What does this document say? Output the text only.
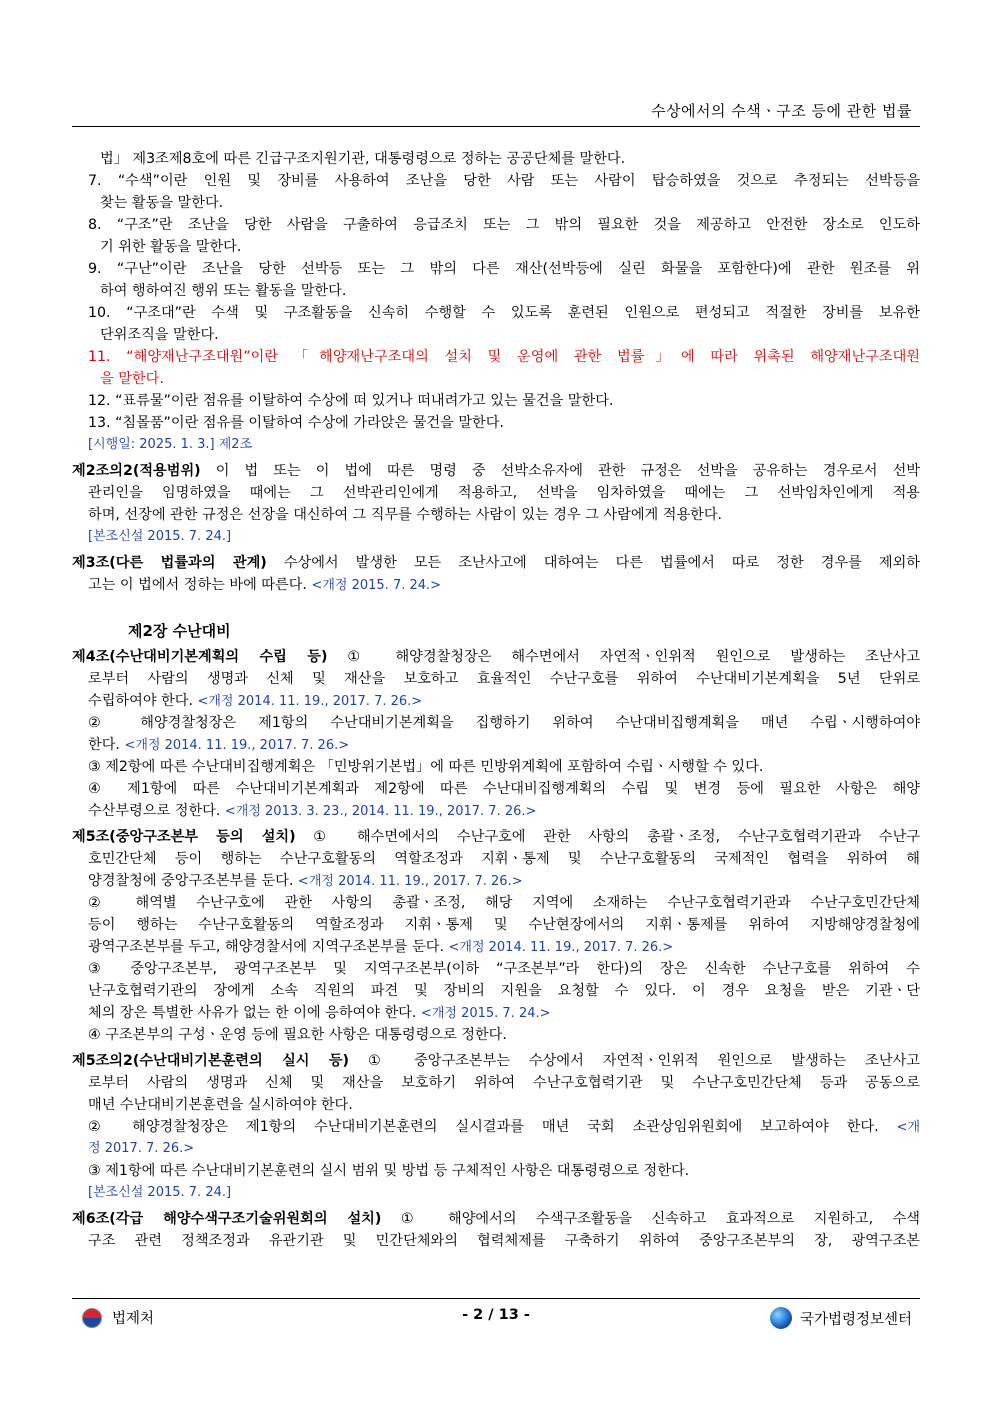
수상에서의 수색ㆍ구조 등에 관한 법률
법」 제3조제8호에 따른 긴급구조지원기관, 대통령령으로 정하는 공공단체를 말한다.
7. “수색”이란 인원 및 장비를 사용하여 조난을 당한 사람 또는 사람이 탑승하였을 것으로 추정되는 선박등을
찾는 활동을 말한다.
8. “구조”란 조난을 당한 사람을 구출하여 응급조치 또는 그 밖의 필요한 것을 제공하고 안전한 장소로 인도하
기 위한 활동을 말한다.
9. “구난”이란 조난을 당한 선박등 또는 그 밖의 다른 재산(선박등에 실린 화물을 포함한다)에 관한 원조를 위
하여 행하여진 행위 또는 활동을 말한다.
10. “구조대”란 수색 및 구조활동을 신속히 수행할 수 있도록 훈련된 인원으로 편성되고 적절한 장비를 보유한
단위조직을 말한다.
11. “해양재난구조대원”이란 「해양재난구조대의 설치 및 운영에 관한 법률」에 따라 위촉된 해양재난구조대원
을 말한다.
12. “표류물”이란 점유를 이탈하여 수상에 떠 있거나 떠내려가고 있는 물건을 말한다.
13. “침몰품”이란 점유를 이탈하여 수상에 가라앉은 물건을 말한다.
[시행일: 2025. 1. 3.] 제2조
제2조의2(적용범위) 이 법 또는 이 법에 따른 명령 중 선박소유자에 관한 규정은 선박을 공유하는 경우로서 선박
관리인을 임명하였을 때에는 그 선박관리인에게 적용하고, 선박을 임차하였을 때에는 그 선박임차인에게 적용
하며, 선장에 관한 규정은 선장을 대신하여 그 직무를 수행하는 사람이 있는 경우 그 사람에게 적용한다.
[본조신설 2015. 7. 24.]
제3조(다른 법률과의 관계) 수상에서 발생한 모든 조난사고에 대하여는 다른 법률에서 따로 정한 경우를 제외하
고는 이 법에서 정하는 바에 따른다. <개정 2015. 7. 24.>
제2장 수난대비
제4조(수난대비기본계획의 수립 등) ① 해양경찰청장은 해수면에서 자연적ㆍ인위적 원인으로 발생하는 조난사고
로부터 사람의 생명과 신체 및 재산을 보호하고 효율적인 수난구호를 위하여 수난대비기본계획을 5년 단위로
수립하여야 한다. <개정 2014. 11. 19., 2017. 7. 26.>
② 해양경찰청장은 제1항의 수난대비기본계획을 집행하기 위하여 수난대비집행계획을 매년 수립ㆍ시행하여야
한다. <개정 2014. 11. 19., 2017. 7. 26.>
③ 제2항에 따른 수난대비집행계획은 「민방위기본법」에 따른 민방위계획에 포함하여 수립ㆍ시행할 수 있다.
④ 제1항에 따른 수난대비기본계획과 제2항에 따른 수난대비집행계획의 수립 및 변경 등에 필요한 사항은 해양
수산부령으로 정한다. <개정 2013. 3. 23., 2014. 11. 19., 2017. 7. 26.>
제5조(중앙구조본부 등의 설치) ① 해수면에서의 수난구호에 관한 사항의 총괄ㆍ조정, 수난구호협력기관과 수난구
호민간단체 등이 행하는 수난구호활동의 역할조정과 지휘ㆍ통제 및 수난구호활동의 국제적인 협력을 위하여 해
양경찰청에 중앙구조본부를 둔다. <개정 2014. 11. 19., 2017. 7. 26.>
② 해역별 수난구호에 관한 사항의 총괄ㆍ조정, 해당 지역에 소재하는 수난구호협력기관과 수난구호민간단체
등이 행하는 수난구호활동의 역할조정과 지휘ㆍ통제 및 수난현장에서의 지휘ㆍ통제를 위하여 지방해양경찰청에
광역구조본부를 두고, 해양경찰서에 지역구조본부를 둔다. <개정 2014. 11. 19., 2017. 7. 26.>
③ 중앙구조본부, 광역구조본부 및 지역구조본부(이하 “구조본부”라 한다)의 장은 신속한 수난구호를 위하여 수
난구호협력기관의 장에게 소속 직원의 파견 및 장비의 지원을 요청할 수 있다. 이 경우 요청을 받은 기관ㆍ단
체의 장은 특별한 사유가 없는 한 이에 응하여야 한다. <개정 2015. 7. 24.>
④ 구조본부의 구성ㆍ운영 등에 필요한 사항은 대통령령으로 정한다.
제5조의2(수난대비기본훈련의 실시 등) ① 중앙구조본부는 수상에서 자연적ㆍ인위적 원인으로 발생하는 조난사고
로부터 사람의 생명과 신체 및 재산을 보호하기 위하여 수난구호협력기관 및 수난구호민간단체 등과 공동으로
매년 수난대비기본훈련을 실시하여야 한다.
② 해양경찰청장은 제1항의 수난대비기본훈련의 실시결과를 매년 국회 소관상임위원회에 보고하여야 한다. <개
정 2017. 7. 26.>
③ 제1항에 따른 수난대비기본훈련의 실시 범위 및 방법 등 구체적인 사항은 대통령령으로 정한다.
[본조신설 2015. 7. 24.]
제6조(각급 해양수색구조기술위원회의 설치) ① 해양에서의 수색구조활동을 신속하고 효과적으로 지원하고, 수색
구조 관련 정책조정과 유관기관 및 민간단체와의 협력체제를 구축하기 위하여 중앙구조본부의 장, 광역구조본
법제처	- 2 / 13 -	국가법령정보센터
